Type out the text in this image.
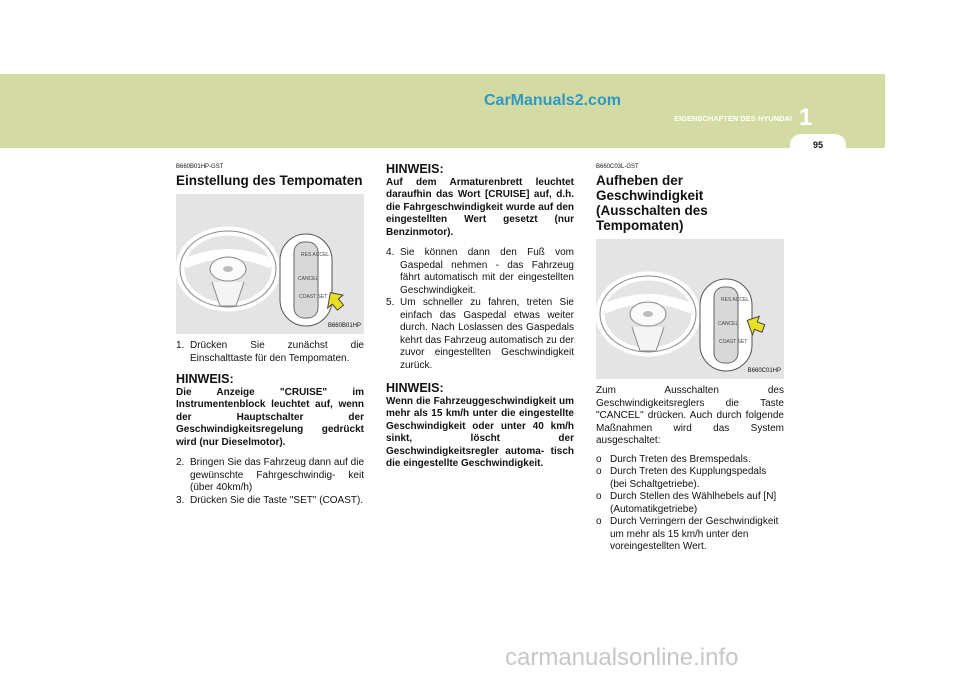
CarManuals2.com
EIGENSCHAFTEN DES HYUNDAI 1
95
B660B01HP-GST
Einstellung des Tempomaten
RES ACCEL
CANCEL
COAST SET
B660B01HP
1. Drücken Sie zunächst die Einschalttaste für den Tempomaten.
HINWEIS:
Die Anzeige "CRUISE" im Instrumentenblock leuchtet auf, wenn der Hauptschalter der Geschwindigkeitsregelung gedrückt wird (nur Dieselmotor).
2. Bringen Sie das Fahrzeug dann auf die gewünschte Fahrgeschwindig- keit (über 40km/h)
3. Drücken Sie die Taste "SET" (COAST).
HINWEIS:
Auf dem Armaturenbrett leuchtet daraufhin das Wort [CRUISE] auf, d.h. die Fahrgeschwindigkeit wurde auf den eingestellten Wert gesetzt (nur Benzinmotor).
4. Sie können dann den Fuß vom Gaspedal nehmen - das Fahrzeug fährt automatisch mit der eingestellten Geschwindigkeit.
5. Um schneller zu fahren, treten Sie einfach das Gaspedal etwas weiter durch. Nach Loslassen des Gaspedals kehrt das Fahrzeug automatisch zu der zuvor eingestellten Geschwindigkeit zurück.
HINWEIS:
Wenn die Fahrzeuggeschwindigkeit um mehr als 15 km/h unter die eingestellte Geschwindigkeit oder unter 40 km/h sinkt, löscht der Geschwindigkeitsregler automa- tisch die eingestellte Geschwindigkeit.
B660C03L-GST
Aufheben der Geschwindigkeit (Ausschalten des Tempomaten)
RES ACCEL
CANCEL
COAST SET
B660C01HP
Zum Ausschalten des Geschwindigkeitsreglers die Taste "CANCEL" drücken. Auch durch folgende Maßnahmen wird das System ausgeschaltet:
o Durch Treten des Bremspedals.
o Durch Treten des Kupplungspedals (bei Schaltgetriebe).
o Durch Stellen des Wählhebels auf [N] (Automatikgetriebe)
o Durch Verringern der Geschwindigkeit um mehr als 15 km/h unter den voreingestellten Wert.
carmanualsonline.info
